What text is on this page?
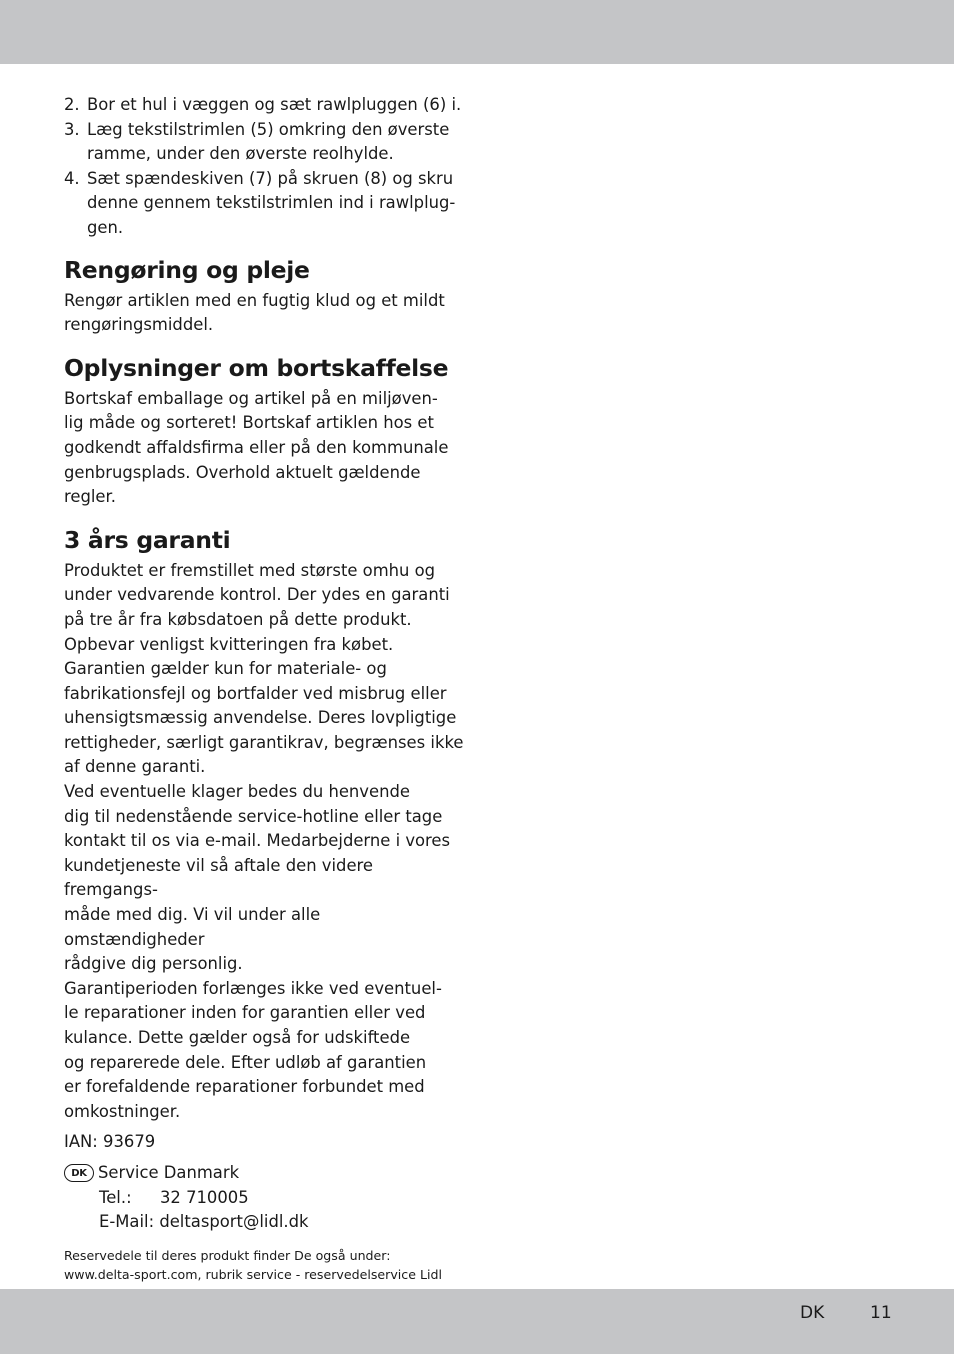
2. Bor et hul i væggen og sæt rawlpluggen (6) i.
3. Læg tekstilstrimlen (5) omkring den øverste
ramme, under den øverste reolhylde.
4. Sæt spændeskiven (7) på skruen (8) og skru
denne gennem tekstilstrimlen ind i rawlplug-
gen.
Rengøring og pleje

Rengør artiklen med en fugtig klud og et mildt
rengøringsmiddel.

Oplysninger om bortskaffelse

Bortskaf emballage og artikel på en miljøven-
lig måde og sorteret! Bortskaf artiklen hos et
godkendt affaldsfirma eller på den kommunale
genbrugsplads. Overhold aktuelt gældende
regler.

3 års garanti

Produktet er fremstillet med største omhu og
under vedvarende kontrol. Der ydes en garanti
på tre år fra købsdatoen på dette produkt.
Opbevar venligst kvitteringen fra købet.
Garantien gælder kun for materiale- og
fabrikationsfejl og bortfalder ved misbrug eller
uhensigtsmæssig anvendelse. Deres lovpligtige
rettigheder, særligt garantikrav, begrænses ikke
af denne garanti.
Ved eventuelle klager bedes du henvende
dig til nedenstående service-hotline eller tage
kontakt til os via e-mail. Medarbejderne i vores
kundetjeneste vil så aftale den videre fremgangs-
måde med dig. Vi vil under alle omstændigheder
rådgive dig personlig.
Garantiperioden forlænges ikke ved eventuel-
le reparationer inden for garantien eller ved
kulance. Dette gælder også for udskiftede
og reparerede dele. Efter udløb af garantien
er forefaldende reparationer forbundet med
omkostninger.

IAN: 93679

DK Service Danmark
Tel.:	32 710005
E-Mail:
deltasport@lidl.dk

Reservedele til deres produkt finder De også under:
www.delta-sport.com, rubrik service - reservedelservice Lidl

DK	11
